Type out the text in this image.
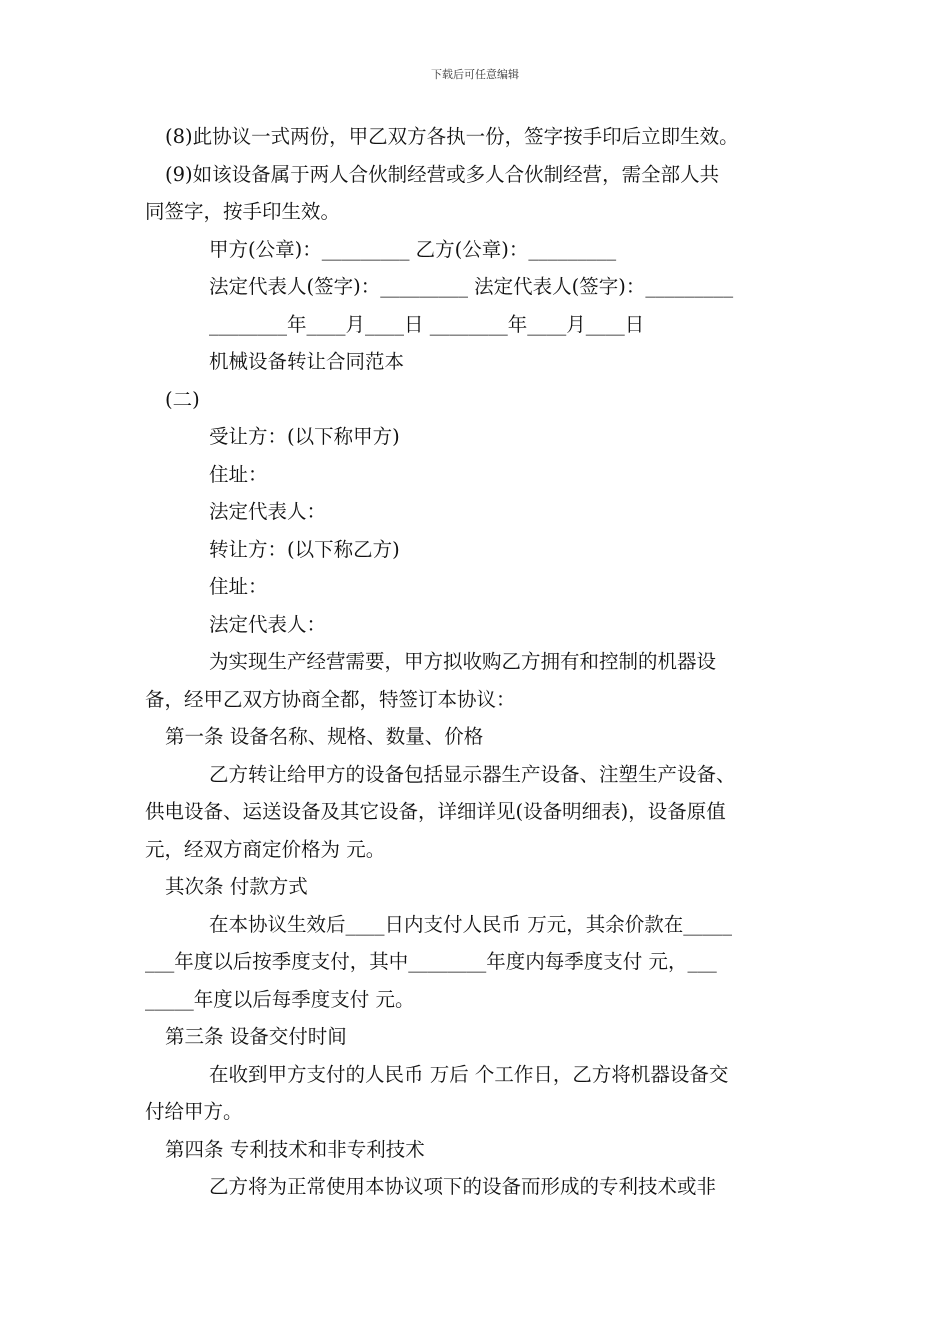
下载后可任意编辑
(8)此协议一式两份，甲乙双方各执一份，签字按手印后立即生效。
(9)如该设备属于两人合伙制经营或多人合伙制经营，需全部人共
同签字，按手印生效。
甲方(公章)：_________ 乙方(公章)：_________
法定代表人(签字)：_________ 法定代表人(签字)：_________
________年____月____日 ________年____月____日
机械设备转让合同范本
(二)
受让方：(以下称甲方)
住址：
法定代表人：
转让方：(以下称乙方)
住址：
法定代表人：
为实现生产经营需要，甲方拟收购乙方拥有和控制的机器设
备，经甲乙双方协商全都，特签订本协议：
第一条 设备名称、规格、数量、价格
乙方转让给甲方的设备包括显示器生产设备、注塑生产设备、
供电设备、运送设备及其它设备，详细详见(设备明细表)，设备原值
元，经双方商定价格为 元。
其次条 付款方式
在本协议生效后____日内支付人民币 万元，其余价款在_____
___年度以后按季度支付，其中________年度内每季度支付 元，___
_____年度以后每季度支付 元。
第三条 设备交付时间
在收到甲方支付的人民币 万后 个工作日，乙方将机器设备交
付给甲方。
第四条 专利技术和非专利技术
乙方将为正常使用本协议项下的设备而形成的专利技术或非
